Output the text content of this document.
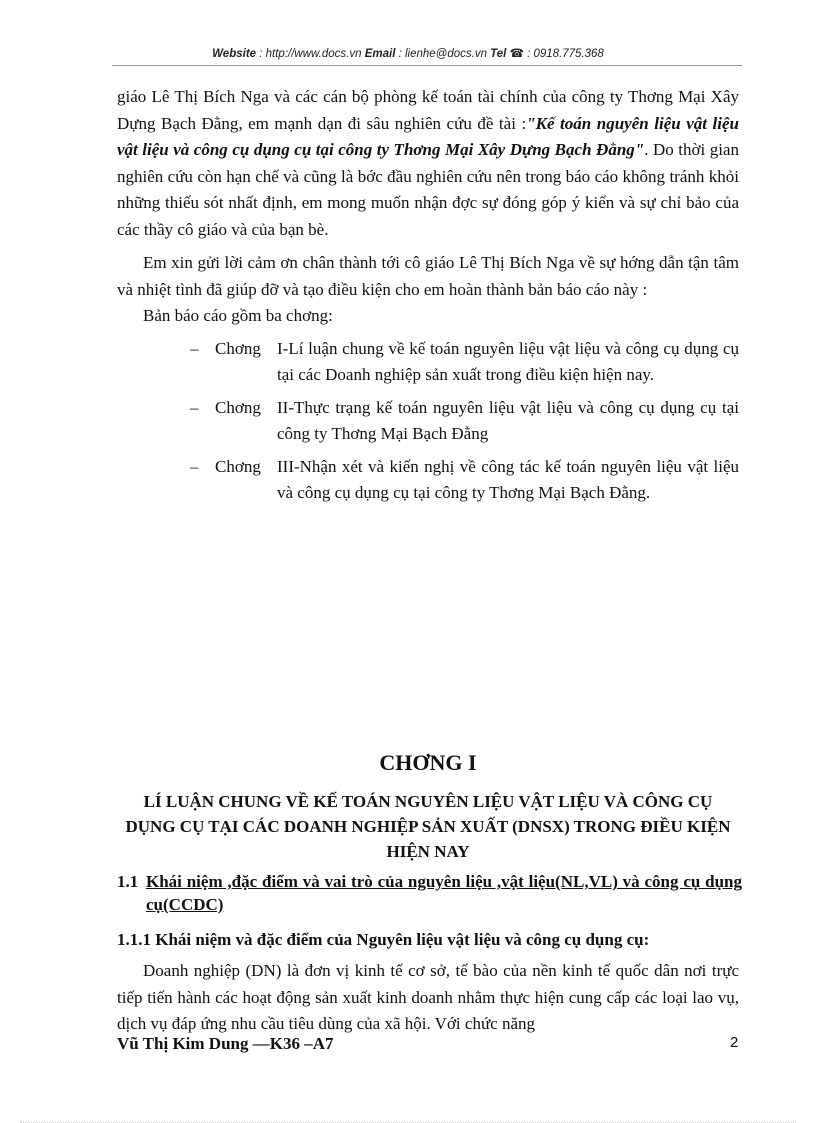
Website : http://www.docs.vn Email : lienhe@docs.vn Tel ☎ : 0918.775.368

giáo Lê Thị Bích Nga và các cán bộ phòng kế toán tài chính của công ty Thơng Mại Xây Dựng Bạch Đằng, em mạnh dạn đi sâu nghiên cứu đề tài :"Kế toán nguyên liệu vật liệu vật liệu và công cụ dụng cụ tại công ty Thơng Mại Xây Dựng Bạch Đằng". Do thời gian nghiên cứu còn hạn chế và cũng là bớc đầu nghiên cứu nên trong báo cáo không tránh khỏi những thiếu sót nhất định, em mong muốn nhận đợc sự đóng góp ý kiến và sự chỉ bảo của các thầy cô giáo và của bạn bè.

Em xin gửi lời cảm ơn chân thành tới cô giáo Lê Thị Bích Nga về sự hớng dẫn tận tâm và nhiệt tình đã giúp đỡ và tạo điều kiện cho em hoàn thành bản báo cáo này :

Bản báo cáo gồm ba chơng:

– Chơng I-Lí luận chung về kế toán nguyên liệu vật liệu và công cụ dụng cụ tại các Doanh nghiệp sản xuất trong điều kiện hiện nay.
– Chơng II-Thực trạng kế toán nguyên liệu vật liệu và công cụ dụng cụ tại công ty Thơng Mại Bạch Đằng
– Chơng III-Nhận xét và kiến nghị về công tác kế toán nguyên liệu vật liệu và công cụ dụng cụ tại công ty Thơng Mại Bạch Đằng.
CHƠNG I
LÍ LUẬN CHUNG VỀ KẾ TOÁN NGUYÊN LIỆU VẬT LIỆU VÀ CÔNG CỤ DỤNG CỤ TẠI CÁC DOANH NGHIỆP SẢN XUẤT (DNSX) TRONG ĐIỀU KIỆN HIỆN NAY
1.1 Khái niệm ,đặc điểm và vai trò của nguyên liệu ,vật liệu(NL,VL) và công cụ dụng cụ(CCDC)
1.1.1 Khái niệm và đặc điểm của Nguyên liệu vật liệu và công cụ dụng cụ:

Doanh nghiệp (DN) là đơn vị kinh tế cơ sở, tế bào của nền kinh tế quốc dân nơi trực tiếp tiến hành các hoạt động sản xuất kinh doanh nhằm thực hiện cung cấp các loại lao vụ, dịch vụ đáp ứng nhu cầu tiêu dùng của xã hội. Với chức năng

Vũ Thị Kim Dung —K36 –A7	2
